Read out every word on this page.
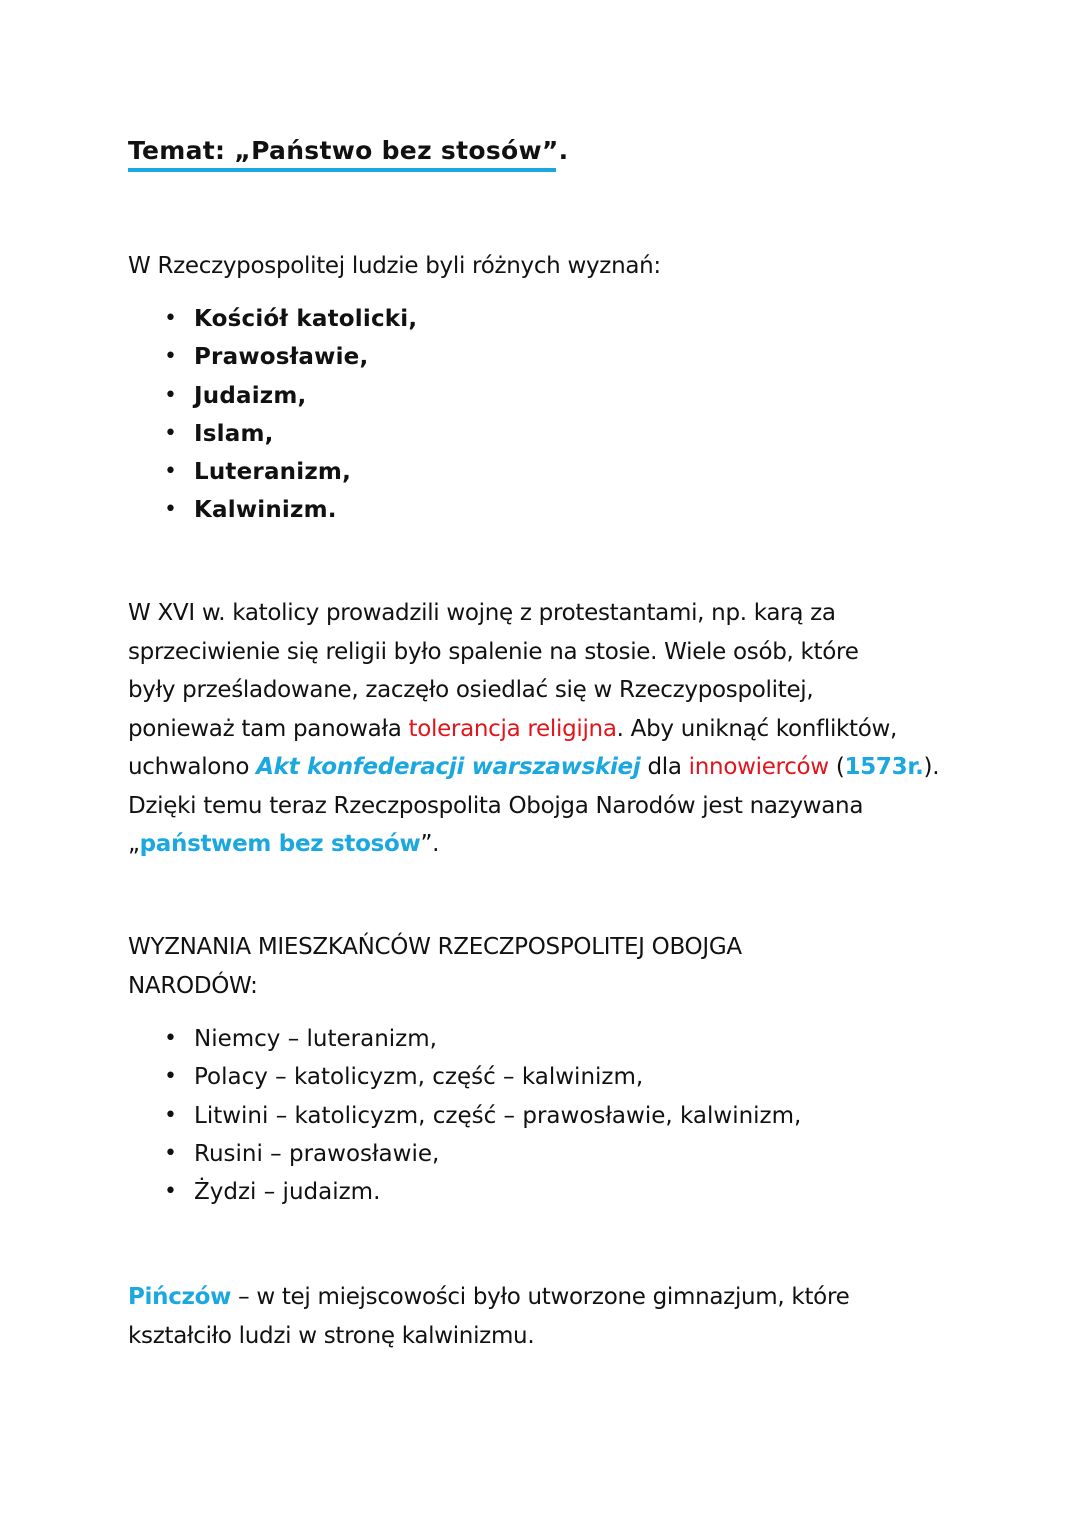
Temat: „Państwo bez stosów”.
W Rzeczypospolitej ludzie byli różnych wyznań:
• Kościół katolicki,
• Prawosławie,
• Judaizm,
• Islam,
• Luteranizm,
• Kalwinizm.
W XVI w. katolicy prowadzili wojnę z protestantami, np. karą za
sprzeciwienie się religii było spalenie na stosie. Wiele osób, które
były prześladowane, zaczęło osiedlać się w Rzeczypospolitej,
ponieważ tam panowała tolerancja religijna. Aby uniknąć konfliktów,
uchwalono Akt konfederacji warszawskiej dla innowierców (1573r.).
Dzięki temu teraz Rzeczpospolita Obojga Narodów jest nazywana
„państwem bez stosów”.
WYZNANIA MIESZKAŃCÓW RZECZPOSPOLITEJ OBOJGA
NARODÓW:
• Niemcy – luteranizm,
• Polacy – katolicyzm, część – kalwinizm,
• Litwini – katolicyzm, część – prawosławie, kalwinizm,
• Rusini – prawosławie,
• Żydzi – judaizm.
Pińczów – w tej miejscowości było utworzone gimnazjum, które
kształciło ludzi w stronę kalwinizmu.
